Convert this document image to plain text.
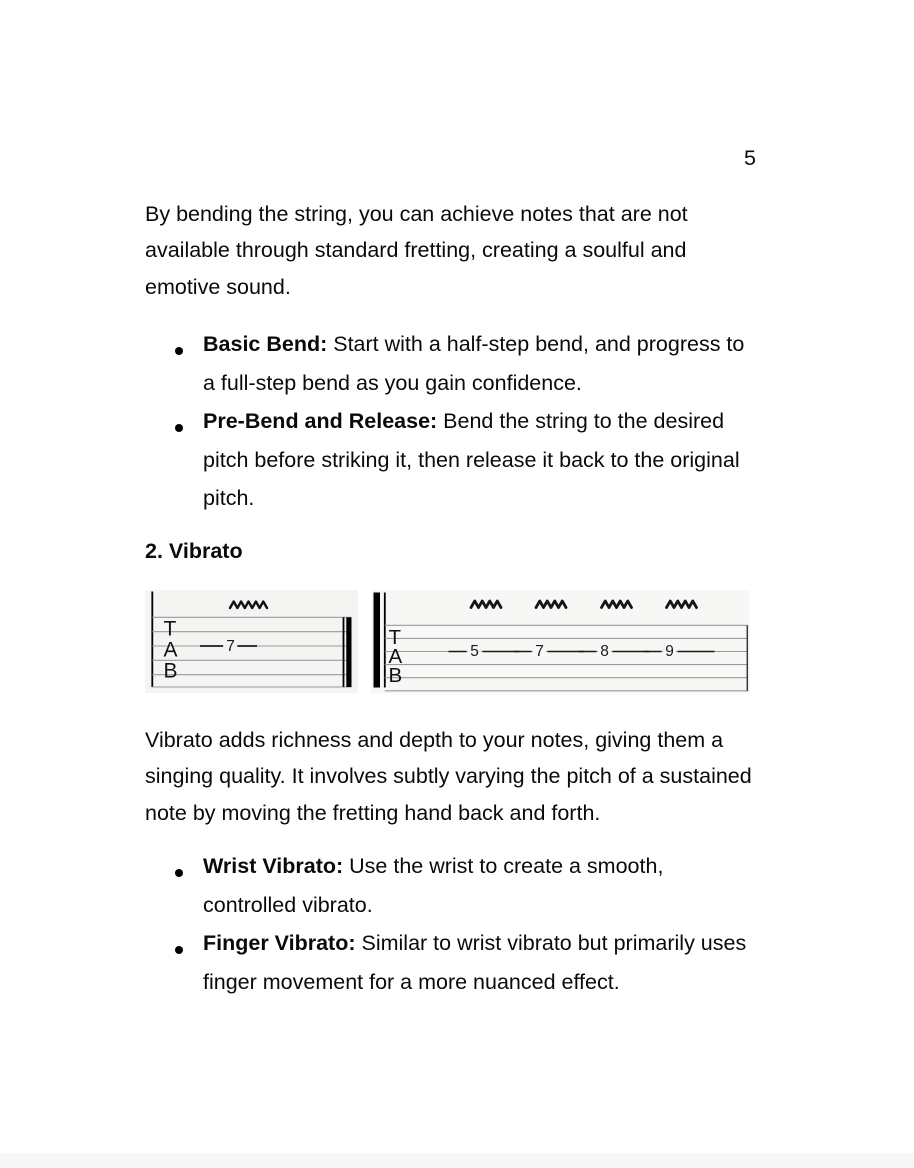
5
By bending the string, you can achieve notes that are not
available through standard fretting, creating a soulful and
emotive sound.
Basic Bend: Start with a half-step bend, and progress to
a full-step bend as you gain confidence.
Pre-Bend and Release: Bend the string to the desired
pitch before striking it, then release it back to the original
pitch.
2. Vibrato
T
A
B
7	T
A
B
5	7	8	9
Vibrato adds richness and depth to your notes, giving them a
singing quality. It involves subtly varying the pitch of a sustained
note by moving the fretting hand back and forth.
Wrist Vibrato: Use the wrist to create a smooth,
controlled vibrato.
Finger Vibrato: Similar to wrist vibrato but primarily uses
finger movement for a more nuanced effect.
